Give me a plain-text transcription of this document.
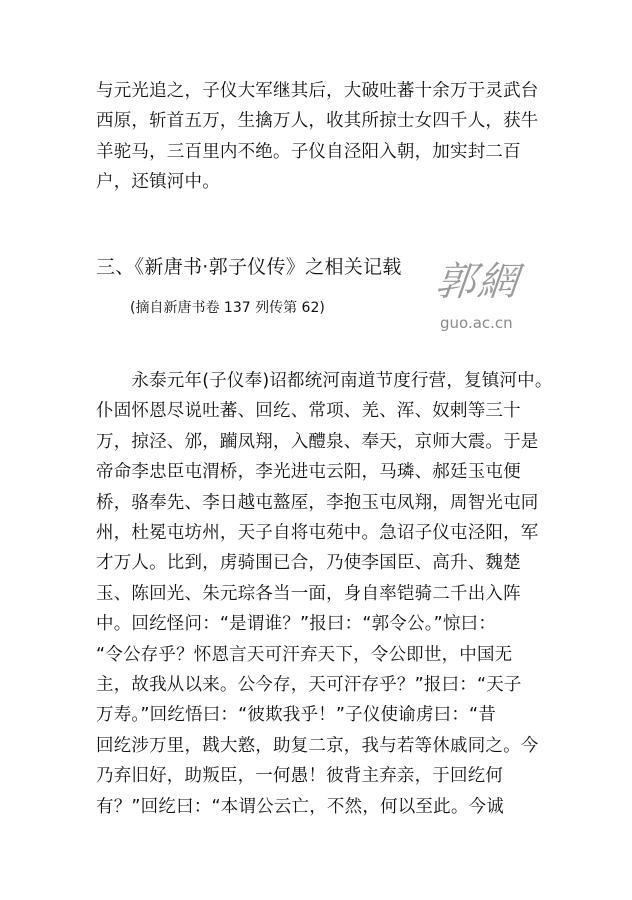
与元光追之，子仪大军继其后，大破吐蕃十余万于灵武台
西原，斩首五万，生擒万人，收其所掠士女四千人，获牛
羊驼马，三百里内不绝。子仪自泾阳入朝，加实封二百
户，还镇河中。
三、《新唐书·郭子仪传》之相关记载
(摘自新唐书卷 137 列传第 62)
郭網
guo.ac.cn
　　永泰元年(子仪奉)诏都统河南道节度行营，复镇河中。
仆固怀恩尽说吐蕃、回纥、常项、羌、浑、奴剌等三十
万，掠泾、邠，躏凤翔，入醴泉、奉天，京师大震。于是
帝命李忠臣屯渭桥，李光进屯云阳，马璘、郝廷玉屯便
桥，骆奉先、李日越屯盩厔，李抱玉屯凤翔，周智光屯同
州，杜冕屯坊州，天子自将屯苑中。急诏子仪屯泾阳，军
才万人。比到，虏骑围已合，乃使李国臣、高升、魏楚
玉、陈回光、朱元琮各当一面，身自率铠骑二千出入阵
中。回纥怪问：“是谓谁？”报曰：“郭令公。”惊曰：
“令公存乎？怀恩言天可汗弃天下，令公即世，中国无
主，故我从以来。公今存，天可汗存乎？”报曰：“天子
万寿。”回纥悟曰：“彼欺我乎！”子仪使谕虏曰：“昔
回纥涉万里，戡大憝，助复二京，我与若等休戚同之。今
乃弃旧好，助叛臣，一何愚！彼背主弃亲，于回纥何
有？”回纥曰：“本谓公云亡，不然，何以至此。今诚
